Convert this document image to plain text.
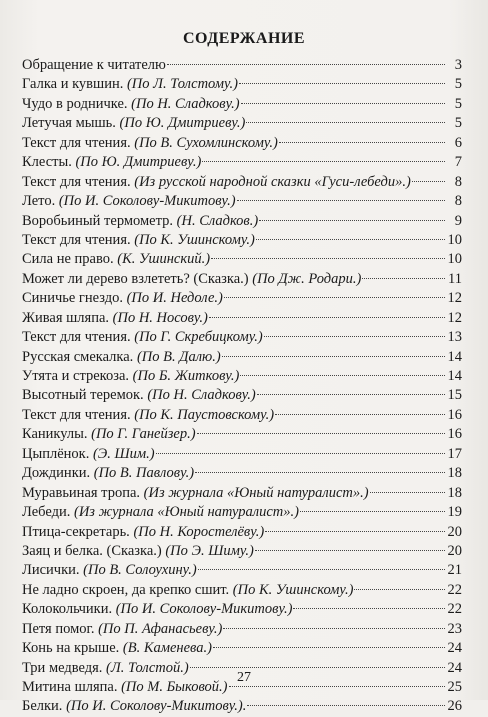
СОДЕРЖАНИЕ
Обращение к читателю	3
Галка и кувшин. (По Л. Толстому.)	5
Чудо в родничке. (По Н. Сладкову.)	5
Летучая мышь. (По Ю. Дмитриеву.)	5
Текст для чтения. (По В. Сухомлинскому.)	6
Клесты. (По Ю. Дмитриеву.)	7
Текст для чтения. (Из русской народной сказки «Гуси-лебеди».)	8
Лето. (По И. Соколову-Микитову.)	8
Воробьиный термометр. (Н. Сладков.)	9
Текст для чтения. (По К. Ушинскому.)	10
Сила не право. (К. Ушинский.)	10
Может ли дерево взлететь? (Сказка.) (По Дж. Родари.)	11
Синичье гнездо. (По И. Недоле.)	12
Живая шляпа. (По Н. Носову.)	12
Текст для чтения. (По Г. Скребицкому.)	13
Русская смекалка. (По В. Далю.)	14
Утята и стрекоза. (По Б. Житкову.)	14
Высотный теремок. (По Н. Сладкову.)	15
Текст для чтения. (По К. Паустовскому.)	16
Каникулы. (По Г. Ганейзер.)	16
Цыплёнок. (Э. Шим.)	17
Дождинки. (По В. Павлову.)	18
Муравьиная тропа. (Из журнала «Юный натуралист».)	18
Лебеди. (Из журнала «Юный натуралист».)	19
Птица-секретарь. (По Н. Коростелёву.)	20
Заяц и белка. (Сказка.) (По Э. Шиму.)	20
Лисички. (По В. Солоухину.)	21
Не ладно скроен, да крепко сшит. (По К. Ушинскому.)	22
Колокольчики. (По И. Соколову-Микитову.)	22
Петя помог. (По П. Афанасьеву.)	23
Конь на крыше. (В. Каменева.)	24
Три медведя. (Л. Толстой.)	24
Митина шляпа. (По М. Быковой.)	25
Белки. (По И. Соколову-Микитову.).	26
27
